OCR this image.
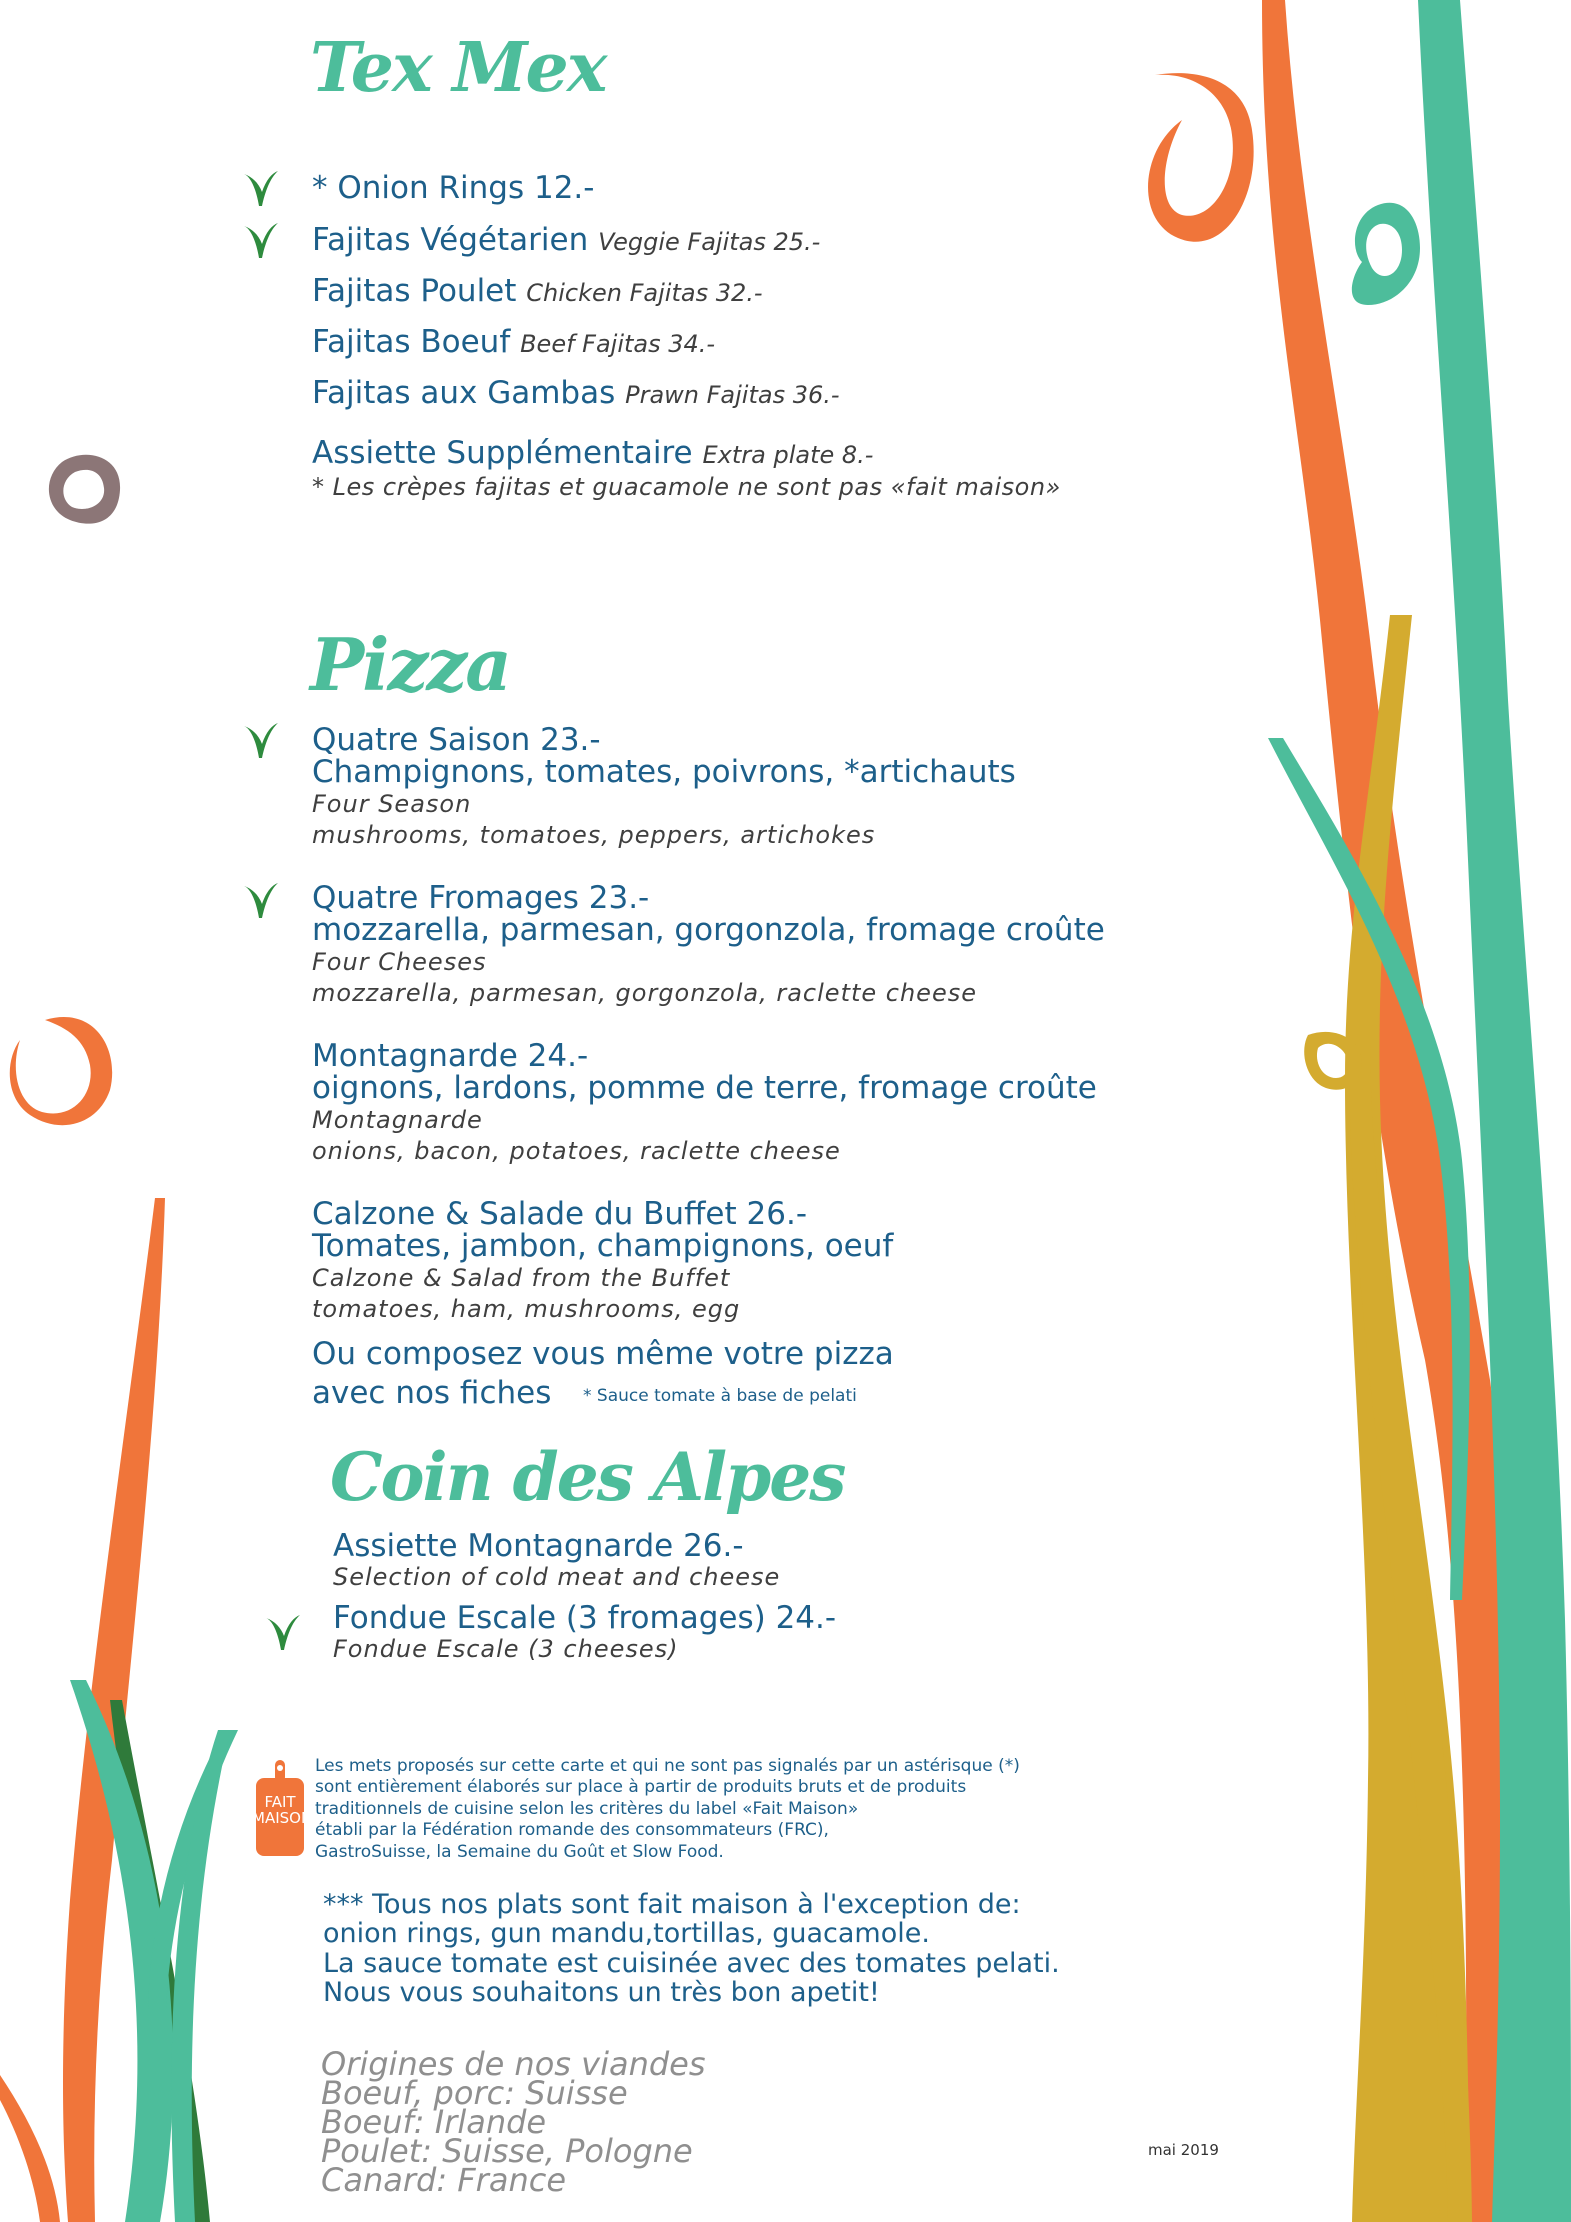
Tex Mex
* Onion Rings 12.-
Fajitas Végétarien Veggie Fajitas 25.-
Fajitas Poulet Chicken Fajitas 32.-
Fajitas Boeuf Beef Fajitas 34.-
Fajitas aux Gambas Prawn Fajitas 36.-
Assiette Supplémentaire Extra plate 8.-
* Les crèpes fajitas et guacamole ne sont pas «fait maison»
Pizza
Quatre Saison 23.-
Champignons, tomates, poivrons, *artichauts
Four Season
mushrooms, tomatoes, peppers, artichokes
Quatre Fromages 23.-
mozzarella, parmesan, gorgonzola, fromage croûte
Four Cheeses
mozzarella, parmesan, gorgonzola, raclette cheese
Montagnarde 24.-
oignons, lardons, pomme de terre, fromage croûte
Montagnarde
onions, bacon, potatoes, raclette cheese
Calzone & Salade du Buffet 26.-
Tomates, jambon, champignons, oeuf
Calzone & Salad from the Buffet
tomatoes, ham, mushrooms, egg
Ou composez vous même votre pizza
avec nos fiches * Sauce tomate à base de pelati
Coin des Alpes
Assiette Montagnarde 26.-
Selection of cold meat and cheese
Fondue Escale (3 fromages) 24.-
Fondue Escale (3 cheeses)
FAIT MAISON
Les mets proposés sur cette carte et qui ne sont pas signalés par un astérisque (*)
sont entièrement élaborés sur place à partir de produits bruts et de produits
traditionnels de cuisine selon les critères du label «Fait Maison»
établi par la Fédération romande des consommateurs (FRC),
GastroSuisse, la Semaine du Goût et Slow Food.
*** Tous nos plats sont fait maison à l'exception de:
onion rings, gun mandu,tortillas, guacamole.
La sauce tomate est cuisinée avec des tomates pelati.
Nous vous souhaitons un très bon apetit!
Origines de nos viandes
Boeuf, porc: Suisse
Boeuf: Irlande
Poulet: Suisse, Pologne
Canard: France
mai 2019
